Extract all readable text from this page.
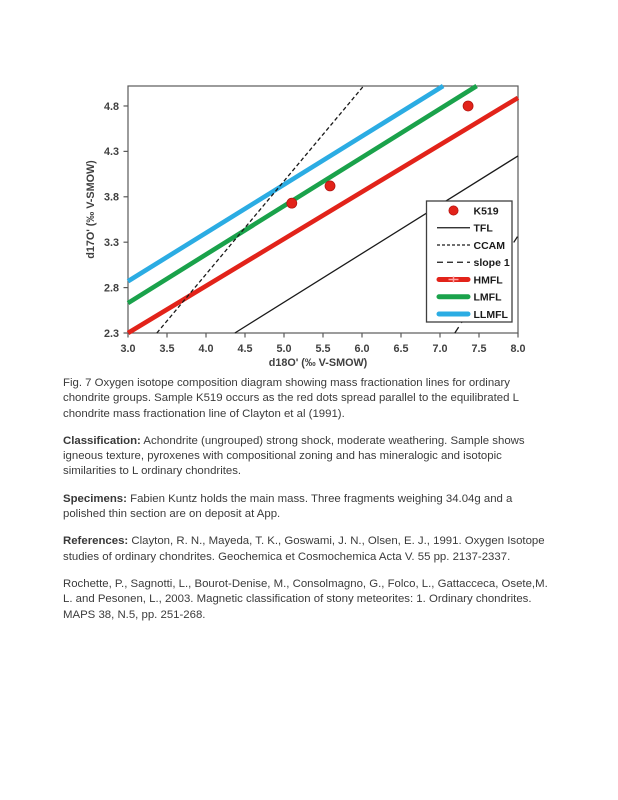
3.0 3.5 4.0 4.5 5.0 5.5 6.0 6.5 7.0 7.5 8.0
2.3
2.8
3.3
3.8
4.3
4.8
d18O' (‰ V-SMOW)
d17O' (‰ V-SMOW)	K519
TFL
CCAM
slope 1
HMFL
LMFL
LLMFL

Fig. 7 Oxygen isotope composition diagram showing mass fractionation lines for ordinary chondrite groups. Sample K519 occurs as the red dots spread parallel to the equilibrated L chondrite mass fractionation line of Clayton et al (1991).

Classification: Achondrite (ungrouped) strong shock, moderate weathering. Sample shows igneous texture, pyroxenes with compositional zoning and has mineralogic and isotopic similarities to L ordinary chondrites.

Specimens: Fabien Kuntz holds the main mass. Three fragments weighing 34.04g and a polished thin section are on deposit at App.

References: Clayton, R. N., Mayeda, T. K., Goswami, J. N., Olsen, E. J., 1991. Oxygen Isotope studies of ordinary chondrites. Geochemica et Cosmochemica Acta V. 55 pp. 2137-2337.

Rochette, P., Sagnotti, L., Bourot-Denise, M., Consolmagno, G., Folco, L., Gattacceca, Osete,M. L. and Pesonen, L., 2003. Magnetic classification of stony meteorites: 1. Ordinary chondrites. MAPS 38, N.5, pp. 251-268.
